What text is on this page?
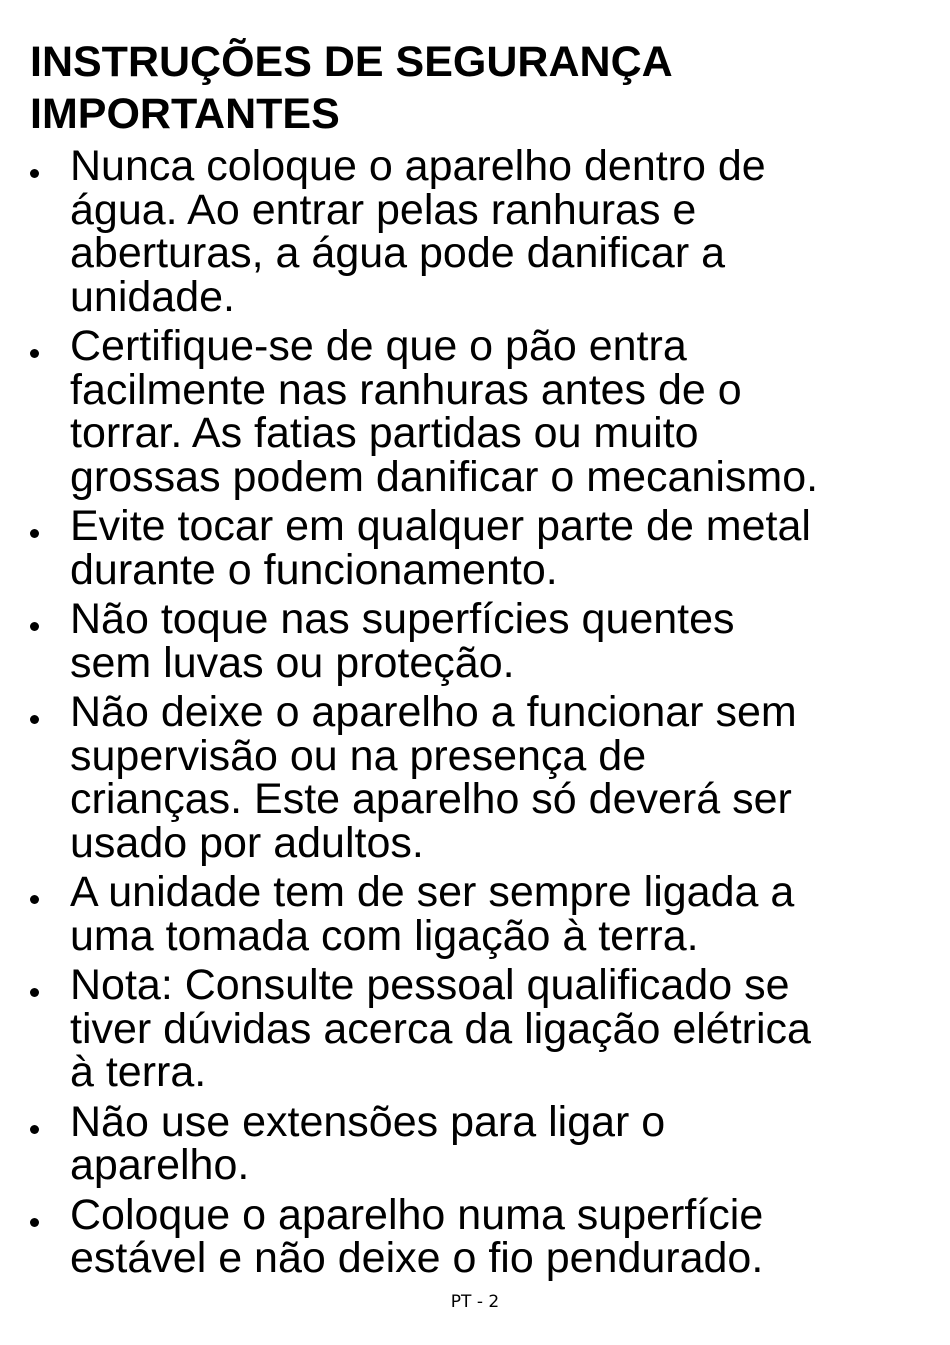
INSTRUÇÕES DE SEGURANÇA
IMPORTANTES
Nunca coloque o aparelho dentro de
água. Ao entrar pelas ranhuras e
aberturas, a água pode danificar a
unidade.
Certifique-se de que o pão entra
facilmente nas ranhuras antes de o
torrar. As fatias partidas ou muito
grossas podem danificar o mecanismo.
Evite tocar em qualquer parte de metal
durante o funcionamento.
Não toque nas superfícies quentes
sem luvas ou proteção.
Não deixe o aparelho a funcionar sem
supervisão ou na presença de
crianças. Este aparelho só deverá ser
usado por adultos.
A unidade tem de ser sempre ligada a
uma tomada com ligação à terra.
Nota: Consulte pessoal qualificado se
tiver dúvidas acerca da ligação elétrica
à terra.
Não use extensões para ligar o
aparelho.
Coloque o aparelho numa superfície
estável e não deixe o fio pendurado.
PT - 2
